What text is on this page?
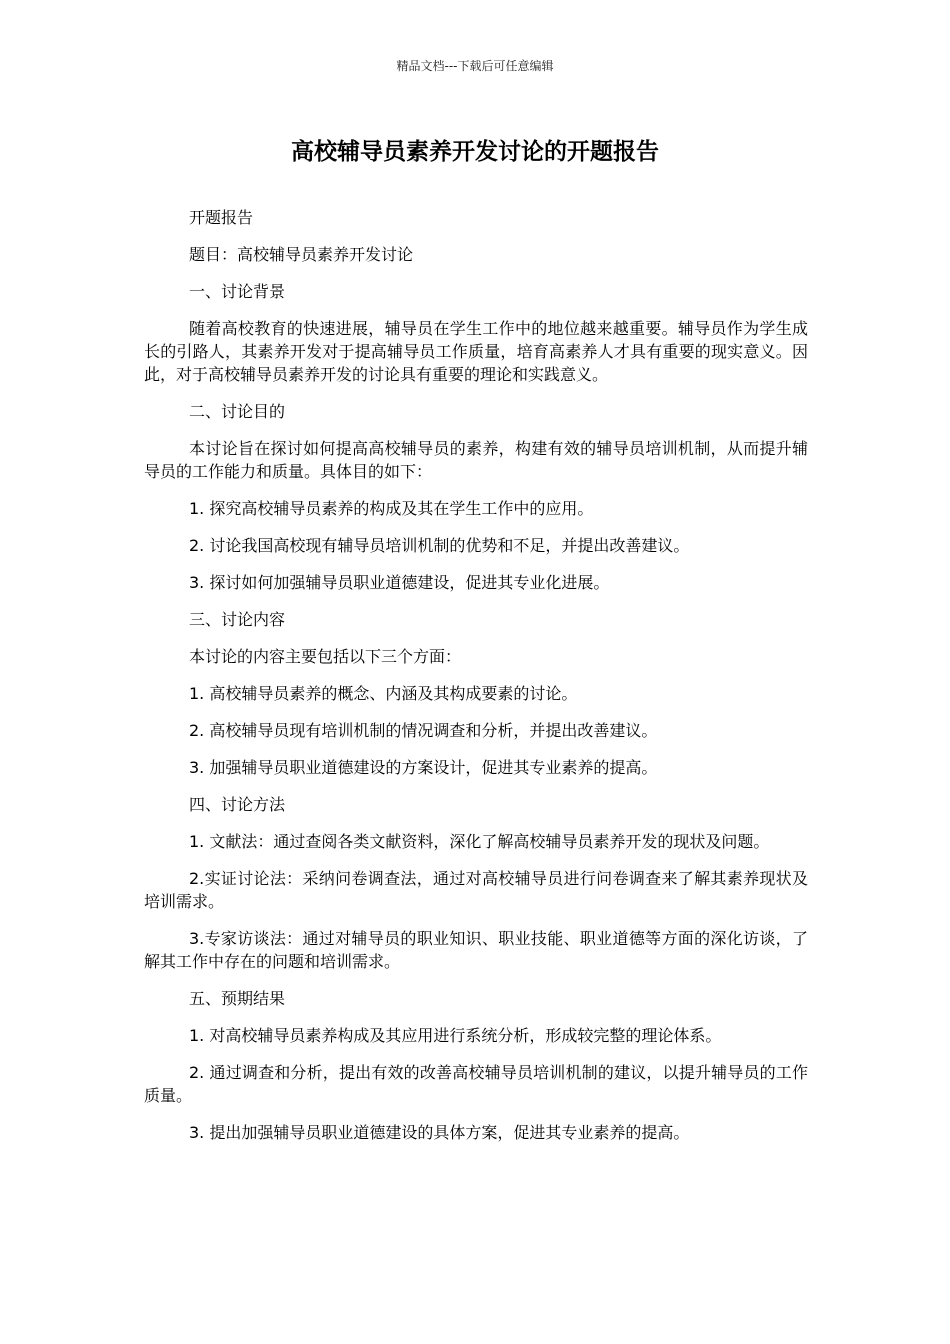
精品文档---下载后可任意编辑
高校辅导员素养开发讨论的开题报告

开题报告

题目：高校辅导员素养开发讨论

一、讨论背景

随着高校教育的快速进展，辅导员在学生工作中的地位越来越重要。辅导员作为学生成长的引路人，其素养开发对于提高辅导员工作质量，培育高素养人才具有重要的现实意义。因此，对于高校辅导员素养开发的讨论具有重要的理论和实践意义。

二、讨论目的

本讨论旨在探讨如何提高高校辅导员的素养，构建有效的辅导员培训机制，从而提升辅导员的工作能力和质量。具体目的如下：

1. 探究高校辅导员素养的构成及其在学生工作中的应用。

2. 讨论我国高校现有辅导员培训机制的优势和不足，并提出改善建议。

3. 探讨如何加强辅导员职业道德建设，促进其专业化进展。

三、讨论内容

本讨论的内容主要包括以下三个方面：

1. 高校辅导员素养的概念、内涵及其构成要素的讨论。

2. 高校辅导员现有培训机制的情况调查和分析，并提出改善建议。

3. 加强辅导员职业道德建设的方案设计，促进其专业素养的提高。

四、讨论方法

1. 文献法：通过查阅各类文献资料，深化了解高校辅导员素养开发的现状及问题。

2.实证讨论法：采纳问卷调查法，通过对高校辅导员进行问卷调查来了解其素养现状及培训需求。

3.专家访谈法：通过对辅导员的职业知识、职业技能、职业道德等方面的深化访谈，了解其工作中存在的问题和培训需求。

五、预期结果

1. 对高校辅导员素养构成及其应用进行系统分析，形成较完整的理论体系。

2. 通过调查和分析，提出有效的改善高校辅导员培训机制的建议，以提升辅导员的工作质量。

3. 提出加强辅导员职业道德建设的具体方案，促进其专业素养的提高。
